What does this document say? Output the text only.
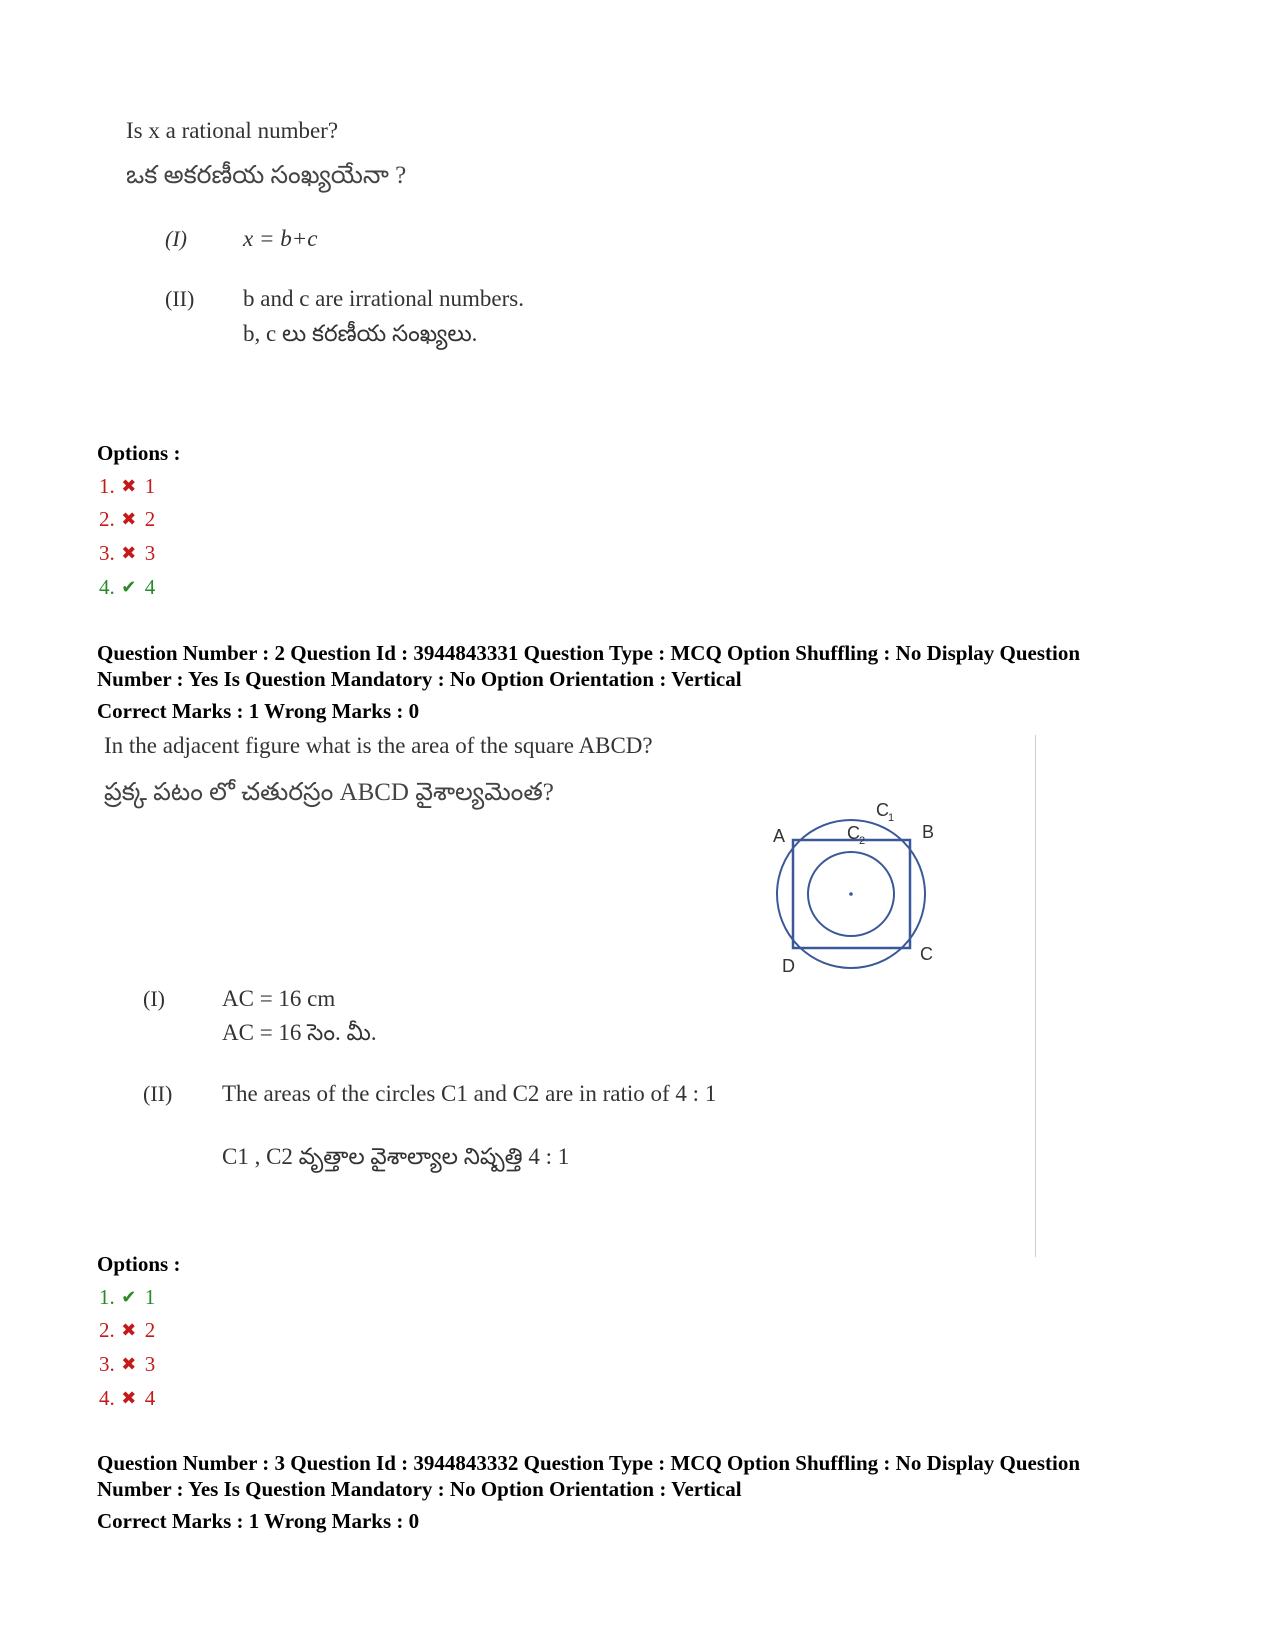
Is x a rational number?
ఒక అకరణీయ సంఖ్యయేనా ?
(I) x = b+c
(II) b and c are irrational numbers.
b, c లు కరణీయ సంఖ్యలు.
Options :
1. ✖ 1
2. ✖ 2
3. ✖ 3
4. ✔ 4
Question Number : 2 Question Id : 3944843331 Question Type : MCQ Option Shuffling : No Display Question
Number : Yes Is Question Mandatory : No Option Orientation : Vertical
Correct Marks : 1 Wrong Marks : 0
In the adjacent figure what is the area of the square ABCD?
ప్రక్క పటం లో చతురస్రం ABCD వైశాల్యమెంత?
A	B
C
D
C 1
C 2
(I) AC = 16 cm
AC = 16 సెం. మీ.
(II) The areas of the circles C1 and C2 are in ratio of 4 : 1
C1 , C2 వృత్తాల వైశాల్యాల నిష్పత్తి 4 : 1
Options :
1. ✔ 1
2. ✖ 2
3. ✖ 3
4. ✖ 4
Question Number : 3 Question Id : 3944843332 Question Type : MCQ Option Shuffling : No Display Question
Number : Yes Is Question Mandatory : No Option Orientation : Vertical
Correct Marks : 1 Wrong Marks : 0
